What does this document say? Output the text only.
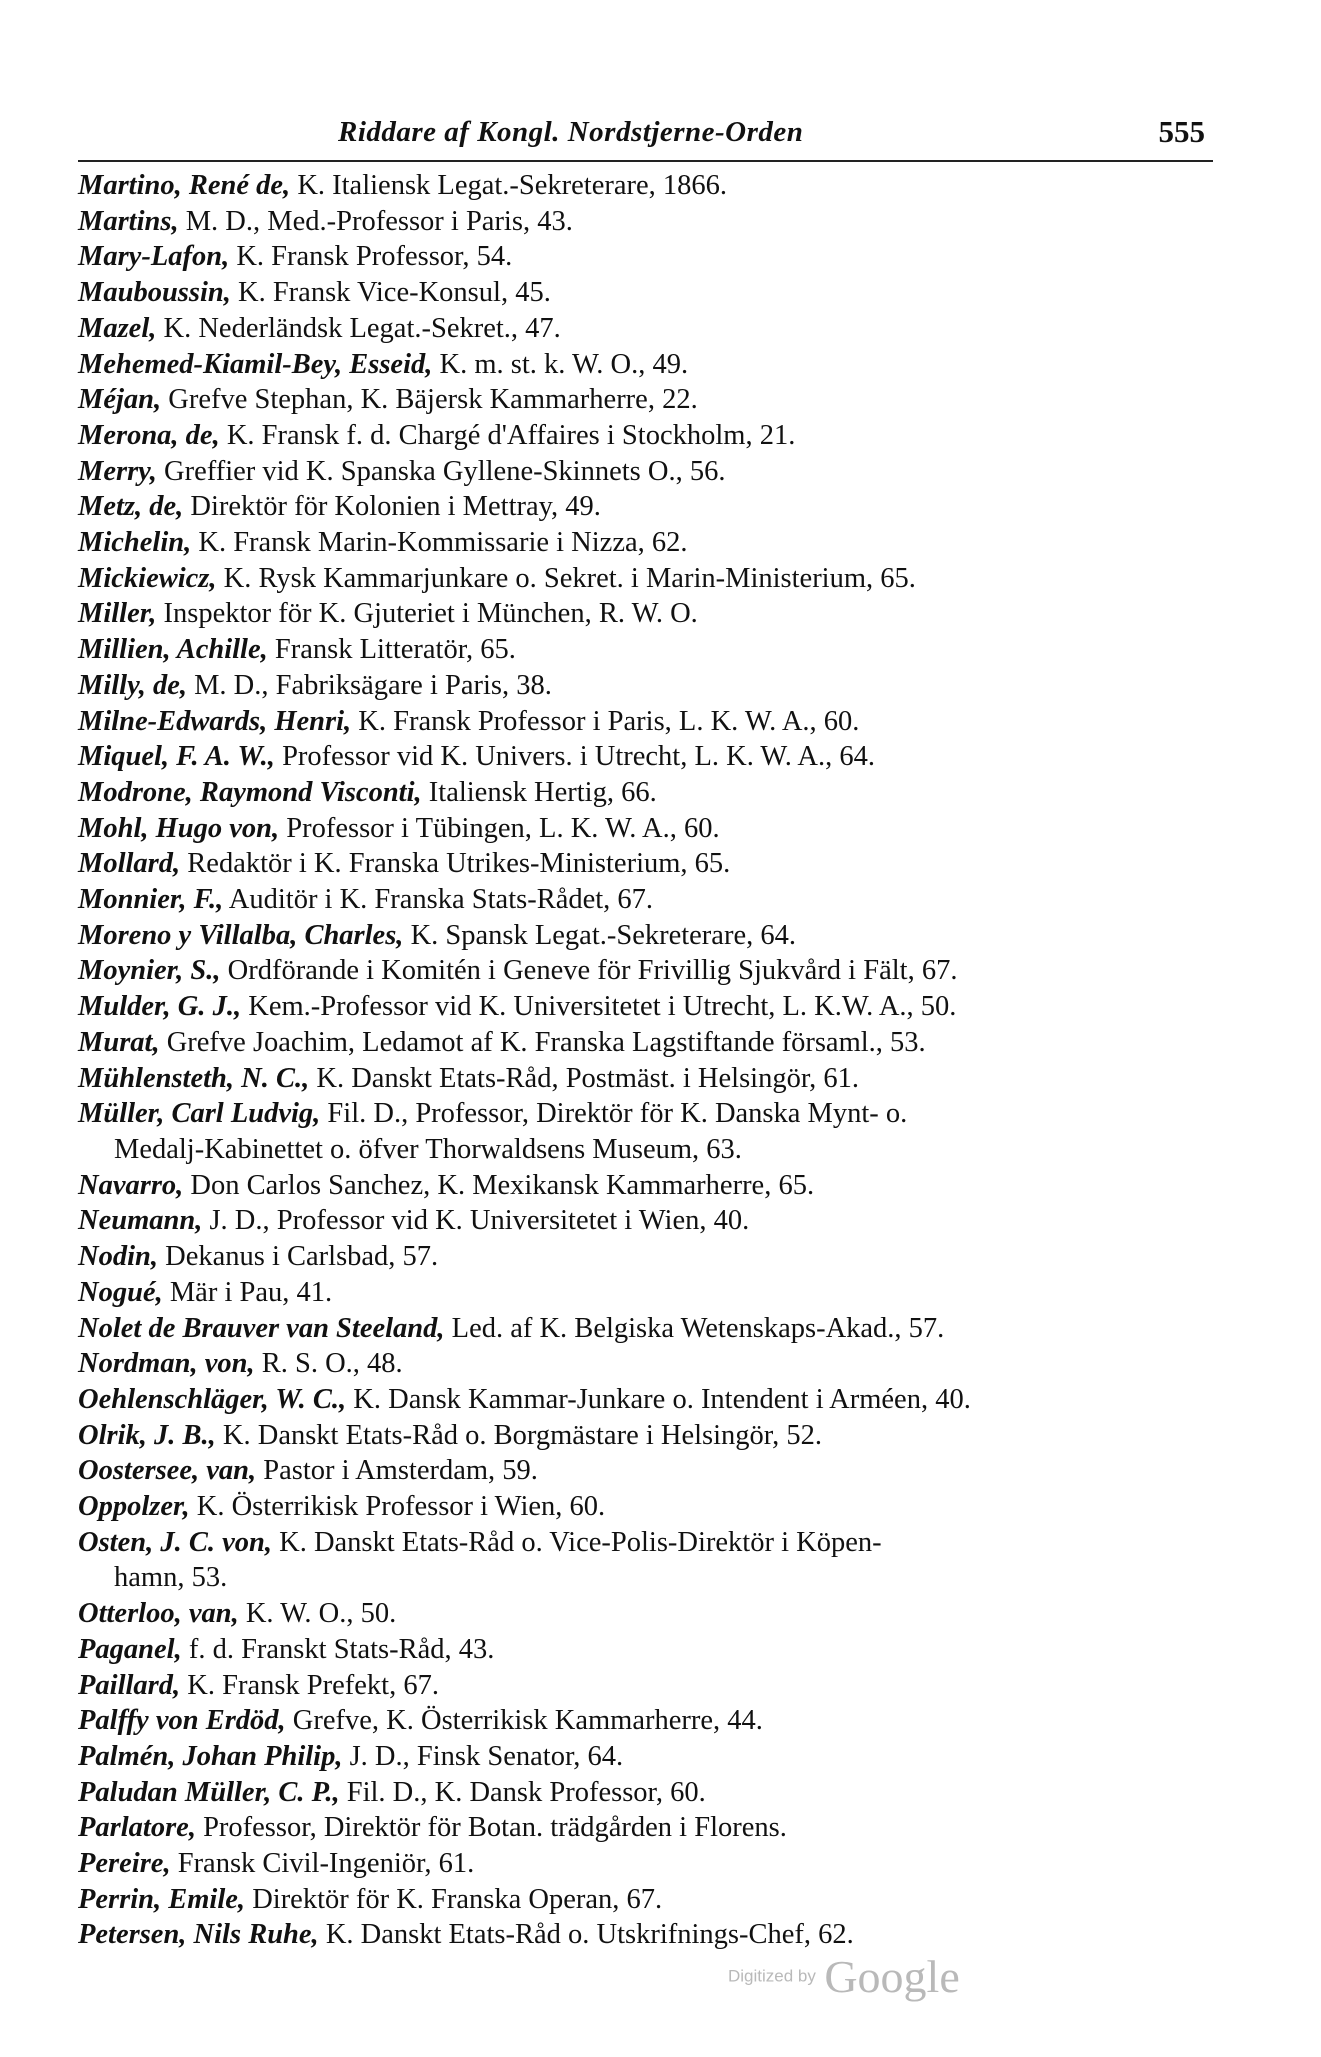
Riddare af Kongl. Nordstjerne-Orden	555
Martino, René de, K. Italiensk Legat.-Sekreterare, 1866.
Martins, M. D., Med.-Professor i Paris, 43.
Mary-Lafon, K. Fransk Professor, 54.
Mauboussin, K. Fransk Vice-Konsul, 45.
Mazel, K. Nederländsk Legat.-Sekret., 47.
Mehemed-Kiamil-Bey, Esseid, K. m. st. k. W. O., 49.
Méjan, Grefve Stephan, K. Bäjersk Kammarherre, 22.
Merona, de, K. Fransk f. d. Chargé d'Affaires i Stockholm, 21.
Merry, Greffier vid K. Spanska Gyllene-Skinnets O., 56.
Metz, de, Direktör för Kolonien i Mettray, 49.
Michelin, K. Fransk Marin-Kommissarie i Nizza, 62.
Mickiewicz, K. Rysk Kammarjunkare o. Sekret. i Marin-Ministerium, 65.
Miller, Inspektor för K. Gjuteriet i München, R. W. O.
Millien, Achille, Fransk Litteratör, 65.
Milly, de, M. D., Fabriksägare i Paris, 38.
Milne-Edwards, Henri, K. Fransk Professor i Paris, L. K. W. A., 60.
Miquel, F. A. W., Professor vid K. Univers. i Utrecht, L. K. W. A., 64.
Modrone, Raymond Visconti, Italiensk Hertig, 66.
Mohl, Hugo von, Professor i Tübingen, L. K. W. A., 60.
Mollard, Redaktör i K. Franska Utrikes-Ministerium, 65.
Monnier, F., Auditör i K. Franska Stats-Rådet, 67.
Moreno y Villalba, Charles, K. Spansk Legat.-Sekreterare, 64.
Moynier, S., Ordförande i Komitén i Geneve för Frivillig Sjukvård i Fält, 67.
Mulder, G. J., Kem.-Professor vid K. Universitetet i Utrecht, L. K.W. A., 50.
Murat, Grefve Joachim, Ledamot af K. Franska Lagstiftande församl., 53.
Mühlensteth, N. C., K. Danskt Etats-Råd, Postmäst. i Helsingör, 61.
Müller, Carl Ludvig, Fil. D., Professor, Direktör för K. Danska Mynt- o.
Medalj-Kabinettet o. öfver Thorwaldsens Museum, 63.
Navarro, Don Carlos Sanchez, K. Mexikansk Kammarherre, 65.
Neumann, J. D., Professor vid K. Universitetet i Wien, 40.
Nodin, Dekanus i Carlsbad, 57.
Nogué, Mär i Pau, 41.
Nolet de Brauver van Steeland, Led. af K. Belgiska Wetenskaps-Akad., 57.
Nordman, von, R. S. O., 48.
Oehlenschläger, W. C., K. Dansk Kammar-Junkare o. Intendent i Arméen, 40.
Olrik, J. B., K. Danskt Etats-Råd o. Borgmästare i Helsingör, 52.
Oostersee, van, Pastor i Amsterdam, 59.
Oppolzer, K. Österrikisk Professor i Wien, 60.
Osten, J. C. von, K. Danskt Etats-Råd o. Vice-Polis-Direktör i Köpen-
hamn, 53.
Otterloo, van, K. W. O., 50.
Paganel, f. d. Franskt Stats-Råd, 43.
Paillard, K. Fransk Prefekt, 67.
Palffy von Erdöd, Grefve, K. Österrikisk Kammarherre, 44.
Palmén, Johan Philip, J. D., Finsk Senator, 64.
Paludan Müller, C. P., Fil. D., K. Dansk Professor, 60.
Parlatore, Professor, Direktör för Botan. trädgården i Florens.
Pereire, Fransk Civil-Ingeniör, 61.
Perrin, Emile, Direktör för K. Franska Operan, 67.
Petersen, Nils Ruhe, K. Danskt Etats-Råd o. Utskrifnings-Chef, 62.
Digitized by Google
